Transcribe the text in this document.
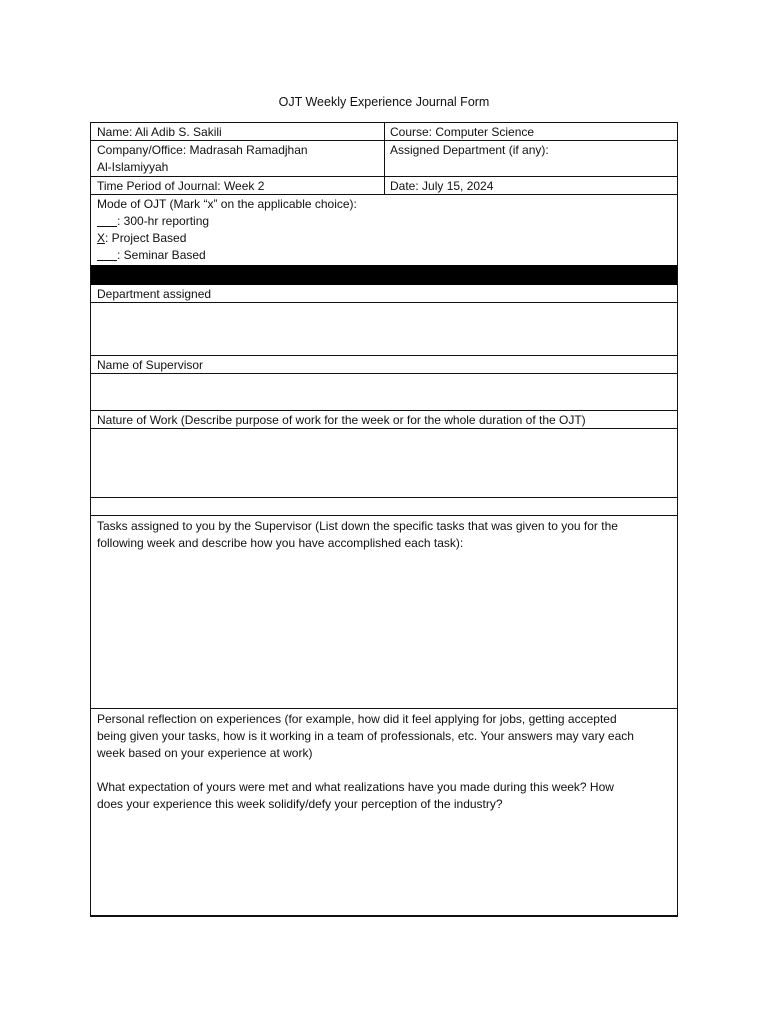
OJT Weekly Experience Journal Form
Name: Ali Adib S. Sakili	Course: Computer Science

Company/Office: Madrasah Ramadjhan

Al-Islamiyyah

Assigned Department (if any):
Time Period of Journal: Week 2	Date: July 15, 2024

Mode of OJT (Mark “x” on the applicable choice):

: 300-hr reporting

X: Project Based

: Seminar Based

Department assigned
Name of Supervisor
Nature of Work (Describe purpose of work for the week or for the whole duration of the OJT)

Tasks assigned to you by the Supervisor (List down the specific tasks that was given to you for the

following week and describe how you have accomplished each task):

Personal reflection on experiences (for example, how did it feel applying for jobs, getting accepted

being given your tasks, how is it working in a team of professionals, etc. Your answers may vary each

week based on your experience at work)

What expectation of yours were met and what realizations have you made during this week? How

does your experience this week solidify/defy your perception of the industry?
